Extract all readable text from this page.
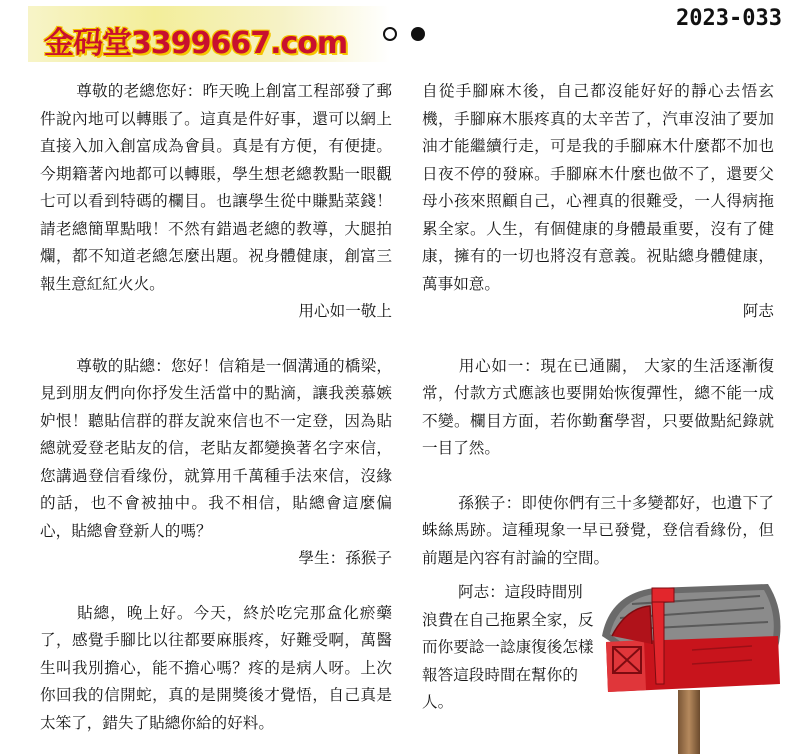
金码堂3399667.com
2023-033

尊敬的老總您好：昨天晚上創富工程部發了郵件說內地可以轉賬了。這真是件好事，還可以網上直接入加入創富成為會員。真是有方便，有便捷。今期籍著內地都可以轉賬，學生想老總教點一眼觀七可以看到特碼的欄目。也讓學生從中賺點菜錢！請老總簡單點哦！不然有錯過老總的教導，大腿拍爛，都不知道老總怎麼出題。祝身體健康，創富三報生意紅紅火火。
用心如一敬上

尊敬的貼總：您好！信箱是一個溝通的橋梁，見到朋友們向你抒发生活當中的點滴，讓我羡慕嫉妒恨！聽貼信群的群友說來信也不一定登，因為貼總就爱登老貼友的信，老貼友都變換著名字來信，您講過登信看缘份，就算用千萬種手法來信，沒緣的話，也不會被抽中。我不相信，貼總會這麼偏心，貼總會登新人的嗎？
學生：孫猴子

貼總，晚上好。今天，終於吃完那盒化瘀藥了，感覺手腳比以往都要麻脹疼，好難受啊，萬醫生叫我別擔心，能不擔心嗎？疼的是病人呀。上次你回我的信開蛇，真的是開獎後才覺悟，自己真是太笨了，錯失了貼總你給的好料。

自從手腳麻木後，自己都沒能好好的靜心去悟玄機，手腳麻木脹疼真的太辛苦了，汽車沒油了要加油才能繼續行走，可是我的手腳麻木什麼都不加也日夜不停的發麻。手腳麻木什麼也做不了，還要父母小孩來照顧自己，心裡真的很難受，一人得病拖累全家。人生，有個健康的身體最重要，沒有了健康，擁有的一切也將沒有意義。祝貼總身體健康，萬事如意。
阿志

用心如一：現在已通關， 大家的生活逐漸復常，付款方式應該也要開始恢復彈性，總不能一成不變。欄目方面，若你勤奮學習，只要做點紀錄就一目了然。

孫猴子：即使你們有三十多變都好，也遺下了蛛絲馬跡。這種現象一早已發覺，登信看緣份，但前題是內容有討論的空間。

阿志：這段時間別浪費在自己拖累全家，反而你要諗一諗康復後怎樣報答這段時間在幫你的人。
